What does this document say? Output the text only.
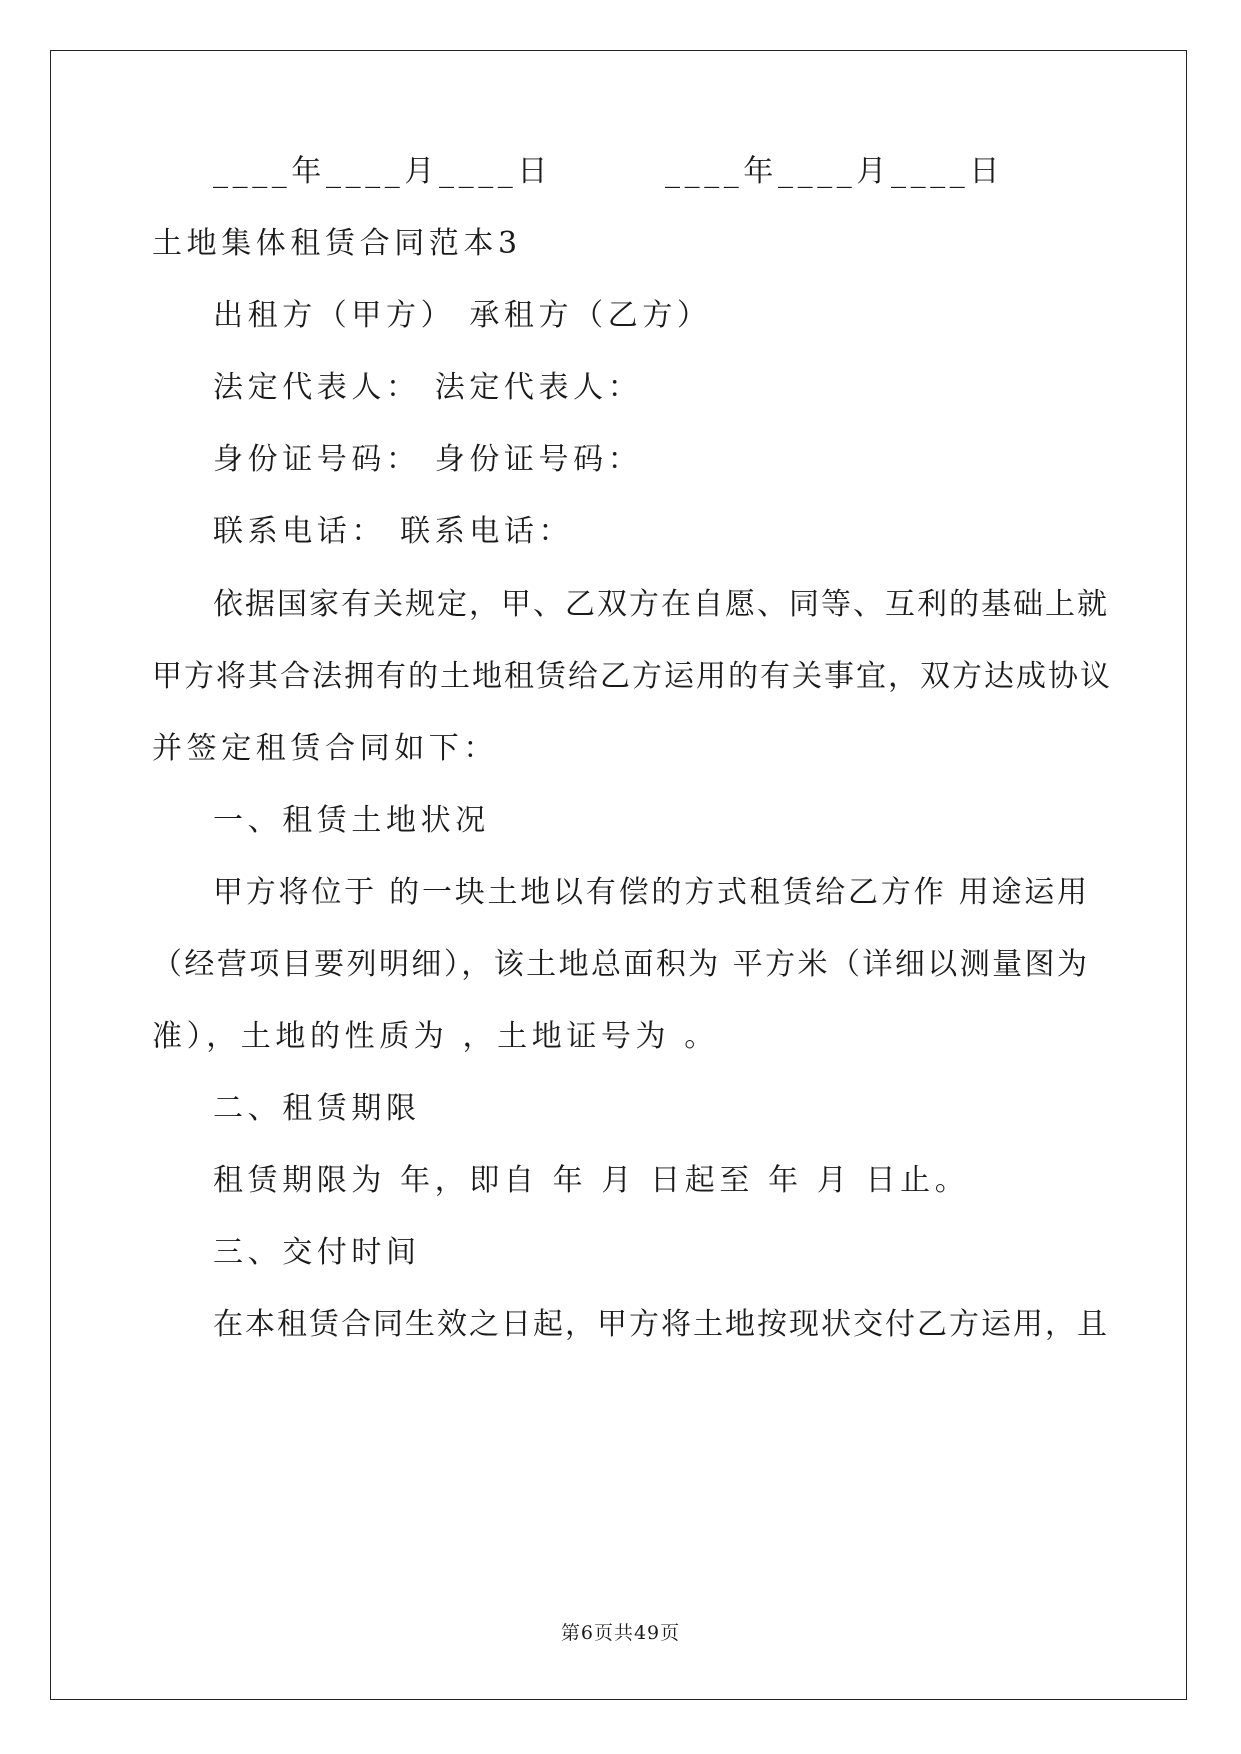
____年____月____日	____年____月____日
土地集体租赁合同范本3
出租方（甲方） 承租方（乙方）
法定代表人： 法定代表人：
身份证号码： 身份证号码：
联系电话： 联系电话：
依据国家有关规定，甲、乙双方在自愿、同等、互利的基础上就
甲方将其合法拥有的土地租赁给乙方运用的有关事宜，双方达成协议
并签定租赁合同如下：
一、租赁土地状况
甲方将位于 的一块土地以有偿的方式租赁给乙方作 用途运用
（经营项目要列明细），该土地总面积为 平方米（详细以测量图为
准），土地的性质为 ，土地证号为 。
二、租赁期限
租赁期限为 年，即自 年 月 日起至 年 月 日止。
三、交付时间
在本租赁合同生效之日起，甲方将土地按现状交付乙方运用，且
第6页共49页
